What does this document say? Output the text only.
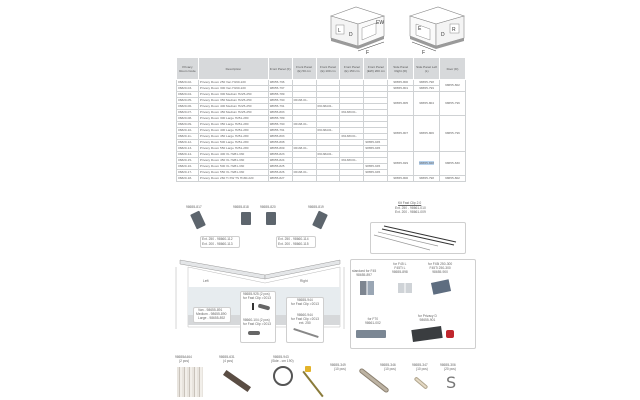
L
D
EW
F
E
D
R
F
Privacy Room Code	Description	Front Panel (F)	Front Panel (E) 50 cm	Front Panel (E) 100 cm	Front Panel (E) 150 cm	Front Panel (EW) 200 cm	Side Panel Right (R)	Side Panel Left (L)	Door (D)
06820-02-	Privacy Room 250 Van H190-220	98655-796					98655-800	98655-798	98655-802
06820-03-	Privacy Room 300 Van H190-220	98655-797					98655-801	98655-799	
06820-04-	Privacy Room 300 Medium H225-250	98655-789					98655-805	98655-804	98655-796
06820-05-	Privacy Room 350 Medium H225-250	98655-790	06138-01-						
06820-06-	Privacy Room 400 Medium H225-250	98655-791		06138A01-					
06820-07-	Privacy Room 450 Medium H225-250	98655-803			06138C01-				
06820-08-	Privacy Room 300 Large H251-280	98655-789					98655-807	98655-806	98655-796
06820-09-	Privacy Room 350 Large H251-280	98655-790	06138-01-						
06820-10-	Privacy Room 400 Large H251-280	98655-791		06138A01-					
06820-11-	Privacy Room 450 Large H251-280	98655-803			06138C01-				
06820-12-	Privacy Room 500 Large H251-280	98655-808				98655-945			
06820-13-	Privacy Room 550 Large H251-280	98655-809	06138-01-			98655-945			
06820-14-	Privacy Room 400 XL H281-330	98655-823		06138A01-			98655-829	98655-828	98655-830
06820-15-	Privacy Room 450 XL H281-330	98655-824			06138C01-				
06820-16-	Privacy Room 500 XL H281-330	98655-825				98655-945			
06820-17-	Privacy Room 550 XL H281-330	98655-826	06138-01-			98655-945			
06820-18-	Privacy Room 260 Ti XW TS H180-220	98655-827					98655-800	98655-798	98655-802
98655-817	98655-818	98655-820	98655-819
Ext. 250 - 98660-112
Ext. 200 - 98660-113
Ext. 250 - 98660-114
Ext. 200 - 98660-115
Left	Right
Van - 98655-891
Medium - 98655-890
Large - 98655-892
98655-925 (2 pcs)
for Fast Clip >2013
98660-104 (2 pcs)
for Fast Clip >2013
98655-944
for Fast Clip >2013
98660-944
for Fast Clip >2013
ext. 250
Kit Fast Clip 2.0
Ext. 250 - 98661-010
Ext. 200 - 98661-009
standard for F45
98655-897
for F45 L
F45Ti L
98655-898
for F45i 250-300
F45Ti 250-300
98655-900
for F70
98661-002
for Privacy D
98655-901
98655A464
(2 pcs)
98655-631
(4 pcs)
98655-943
(Side - cm 190)
98655-349
(10 pcs)
98655-346
(10 pcs)
98655-347
(10 pcs)
98655-306
(20 pcs)
S
